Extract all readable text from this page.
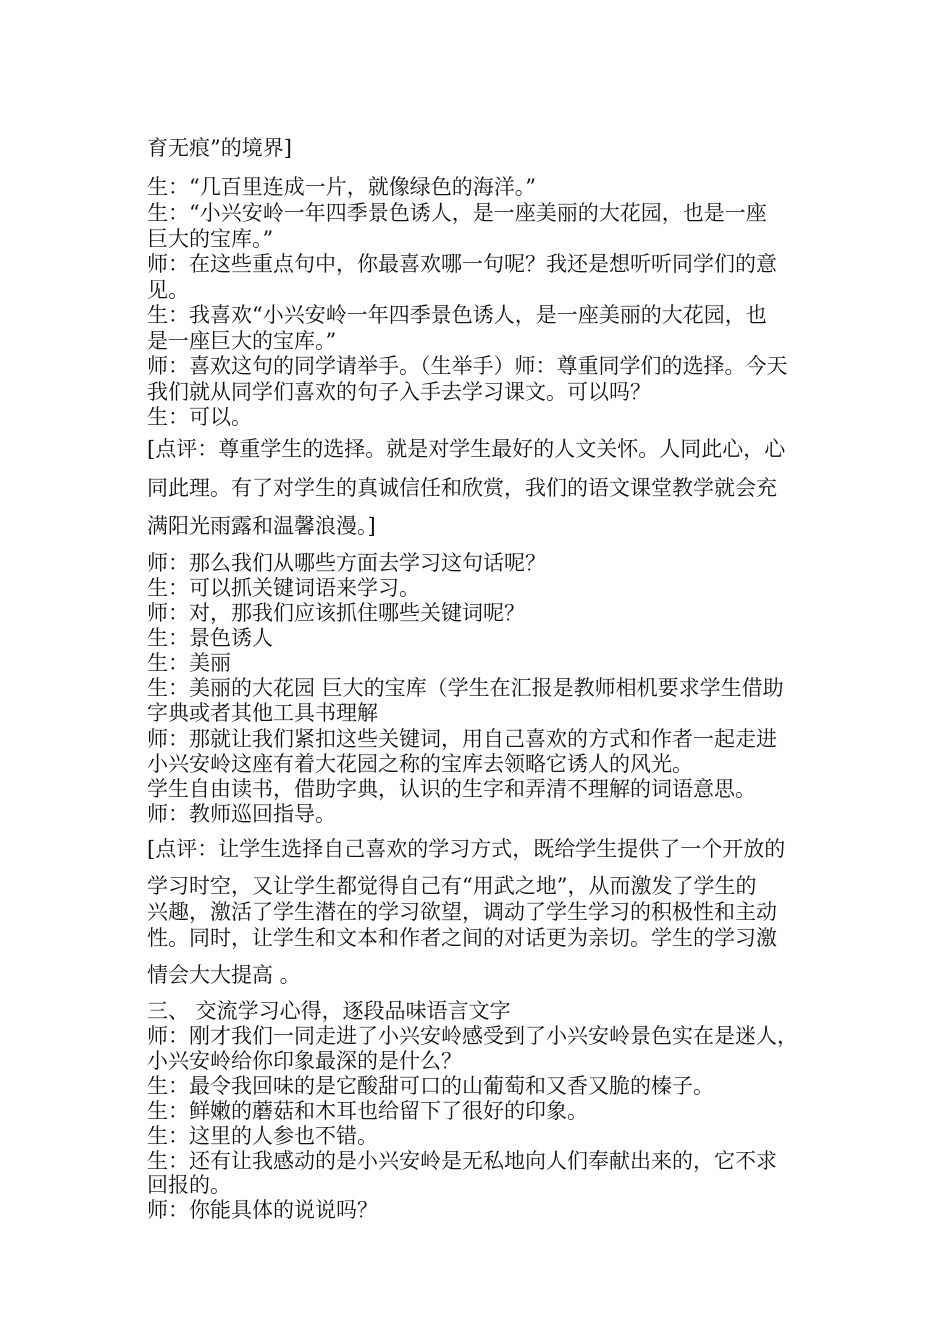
育无痕”的境界]
生：“几百里连成一片，就像绿色的海洋。”
生：“小兴安岭一年四季景色诱人，是一座美丽的大花园，也是一座
巨大的宝库。”
师：在这些重点句中，你最喜欢哪一句呢？我还是想听听同学们的意
见。
生：我喜欢“小兴安岭一年四季景色诱人，是一座美丽的大花园，也
是一座巨大的宝库。”
师：喜欢这句的同学请举手。（生举手）师：尊重同学们的选择。今天
我们就从同学们喜欢的句子入手去学习课文。可以吗？
生：可以。
[点评：尊重学生的选择。就是对学生最好的人文关怀。人同此心，心
同此理。有了对学生的真诚信任和欣赏，我们的语文课堂教学就会充
满阳光雨露和温馨浪漫。]
师：那么我们从哪些方面去学习这句话呢？
生：可以抓关键词语来学习。
师：对，那我们应该抓住哪些关键词呢？
生：景色诱人
生：美丽
生：美丽的大花园 巨大的宝库（学生在汇报是教师相机要求学生借助
字典或者其他工具书理解
师：那就让我们紧扣这些关键词，用自己喜欢的方式和作者一起走进
小兴安岭这座有着大花园之称的宝库去领略它诱人的风光。
学生自由读书，借助字典，认识的生字和弄清不理解的词语意思。
师：教师巡回指导。
[点评：让学生选择自己喜欢的学习方式，既给学生提供了一个开放的
学习时空，又让学生都觉得自己有“用武之地”，从而激发了学生的
兴趣，激活了学生潜在的学习欲望，调动了学生学习的积极性和主动
性。同时，让学生和文本和作者之间的对话更为亲切。学生的学习激
情会大大提高 。
三、 交流学习心得，逐段品味语言文字
师：刚才我们一同走进了小兴安岭感受到了小兴安岭景色实在是迷人，
小兴安岭给你印象最深的是什么？
生：最令我回味的是它酸甜可口的山葡萄和又香又脆的榛子。
生：鲜嫩的蘑菇和木耳也给留下了很好的印象。
生：这里的人参也不错。
生：还有让我感动的是小兴安岭是无私地向人们奉献出来的，它不求
回报的。
师：你能具体的说说吗？
